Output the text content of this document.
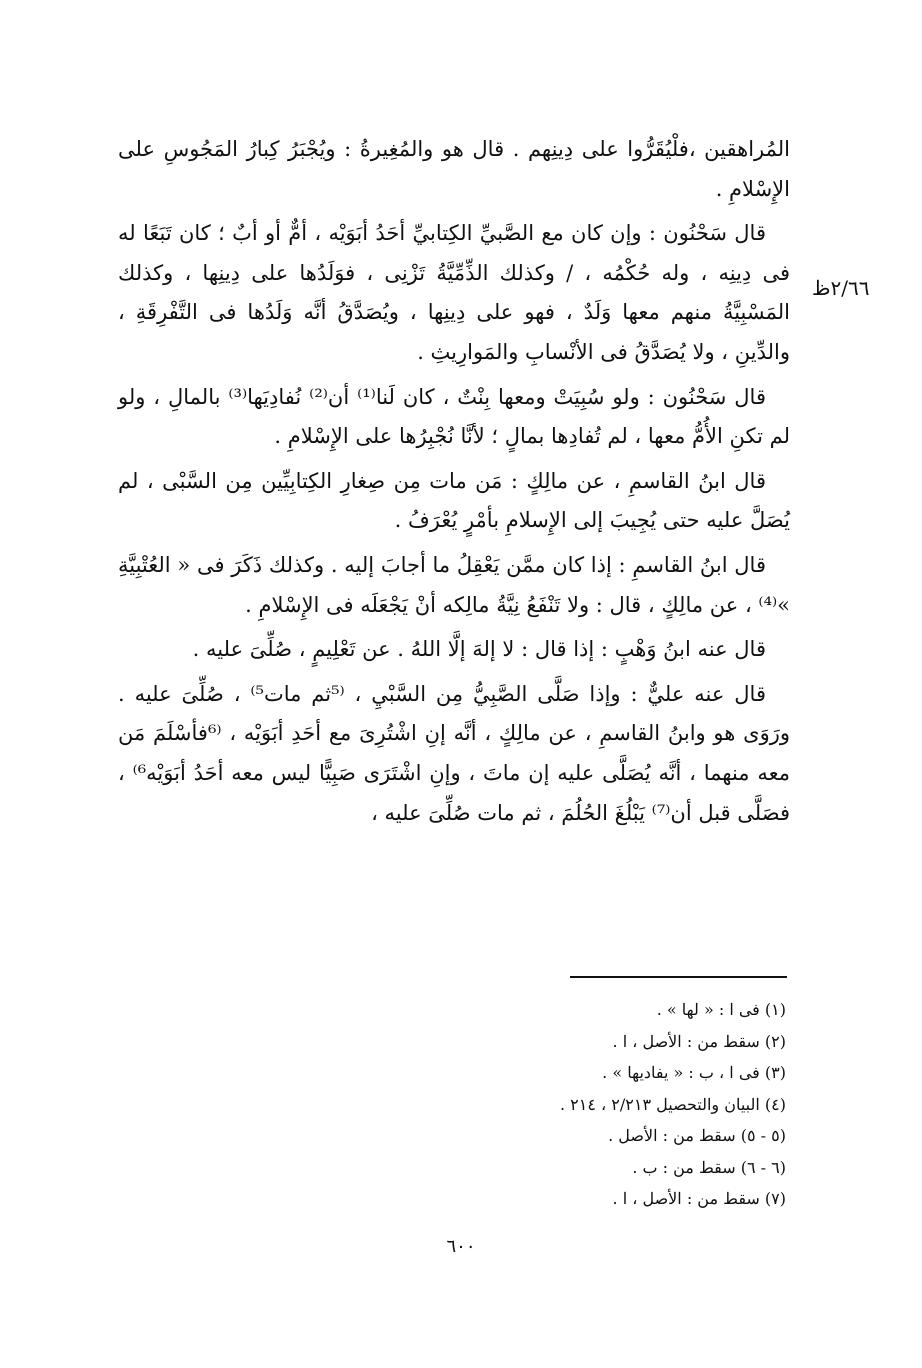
٢/٦٦ظ

المُراهقين ،فلْيُقَرُّوا على دِينِهم . قال هو والمُغِيرةُ : ويُجْبَرُ كِبارُ المَجُوسِ على الإِسْلامِ .

قال سَحْنُون : وإن كان مع الصَّبيِّ الكِتابيِّ أحَدُ أبَوَيْه ، أمٌّ أو أبٌ ؛ كان تَبَعًا له فى دِينِه ، وله حُكْمُه ، / وكذلك الذِّمِّيَّةُ تَزْنِى ، فوَلَدُها على دِينِها ، وكذلك المَسْبِيَّةُ منهم معها وَلَدٌ ، فهو على دِينِها ، ويُصَدَّقُ أنَّه وَلَدُها فى التَّفْرِقَةِ ، والدِّينِ ، ولا يُصَدَّقُ فى الأنْسابِ والمَوارِيثِ .

قال سَحْنُون : ولو سُبِيَتْ ومعها بِنْتٌ ، كان لَنا⁽¹⁾ أن⁽²⁾ نُفادِيَها⁽³⁾ بالمالِ ، ولو لم تكنِ الأُمُّ معها ، لم تُفادِها بمالٍ ؛ لأنَّا نُجْبِرُها على الإِسْلامِ .

قال ابنُ القاسمِ ، عن مالِكٍ : مَن مات مِن صِغارِ الكِتابِيِّين مِن السَّبْى ، لم يُصَلَّ عليه حتى يُجِيبَ إلى الإِسلامِ بأمْرٍ يُعْرَفُ .

قال ابنُ القاسمِ : إذا كان ممَّن يَعْقِلُ ما أجابَ إليه . وكذلك ذَكَرَ فى « العُتْبِيَّةِ »⁽⁴⁾ ، عن مالِكٍ ، قال : ولا تَنْفَعُ نِيَّةُ مالِكه أنْ يَجْعَلَه فى الإِسْلامِ .

قال عنه ابنُ وَهْبٍ : إذا قال : لا إلهَ إلَّا اللهُ . عن تَعْلِيمٍ ، صُلِّىَ عليه .

قال عنه عليٌّ : وإذا صَلَّى الصَّبِيُّ مِن السَّبْيِ ، ⁽⁵ثم مات⁵⁾ ، صُلِّىَ عليه . ورَوَى هو وابنُ القاسمِ ، عن مالِكٍ ، أنَّه إنِ اشْتُرِىَ مع أحَدِ أبَوَيْه ، ⁽⁶فأسْلَمَ مَن معه منهما ، أنَّه يُصَلَّى عليه إن ماتَ ، وإنِ اشْتَرَى صَبِيًّا ليس معه أحَدُ أبَوَيْه⁶⁾ ، فصَلَّى قبل أن⁽⁷⁾ يَبْلُغَ الحُلُمَ ، ثم مات صُلِّىَ عليه ،

(١) فى ا : « لها » .
(٢) سقط من : الأصل ، ا .
(٣) فى ا ، ب : « يفاديها » .
(٤) البيان والتحصيل ٢/٢١٣ ، ٢١٤ .
(٥ - ٥) سقط من : الأصل .
(٦ - ٦) سقط من : ب .
(٧) سقط من : الأصل ، ا .
٦٠٠
